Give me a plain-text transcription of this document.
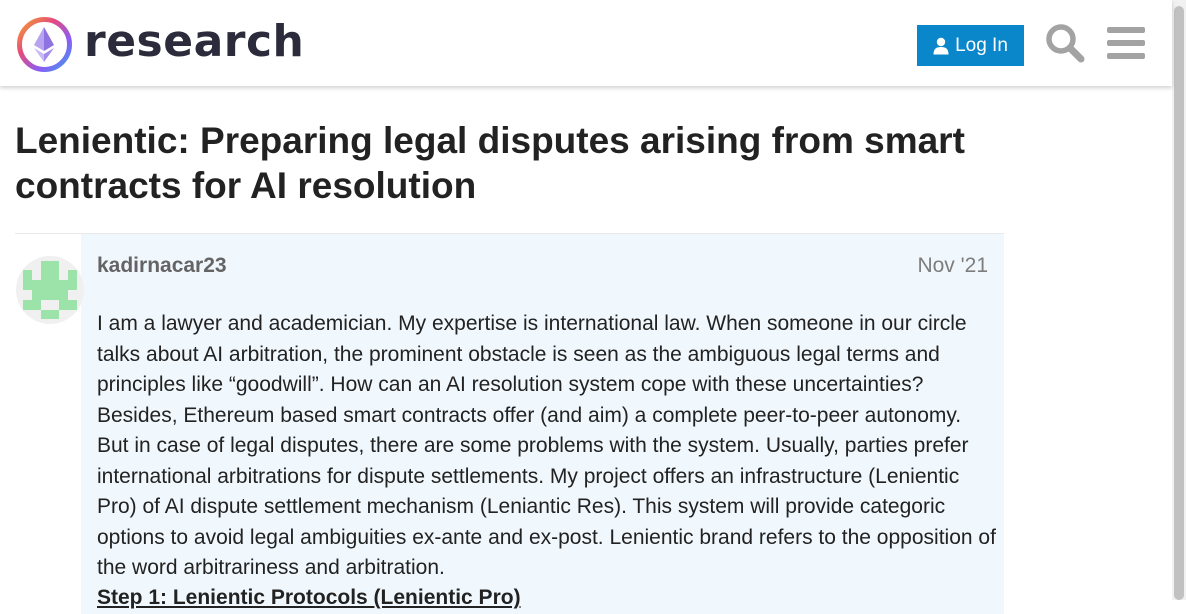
research	Log In
Lenientic: Preparing legal disputes arising from smart contracts for AI resolution
kadirnacar23	Nov '21

I am a lawyer and academician. My expertise is international law. When someone in our circle talks about AI arbitration, the prominent obstacle is seen as the ambiguous legal terms and principles like “goodwill”. How can an AI resolution system cope with these uncertainties? Besides, Ethereum based smart contracts offer (and aim) a complete peer-to-peer autonomy. But in case of legal disputes, there are some problems with the system. Usually, parties prefer international arbitrations for dispute settlements. My project offers an infrastructure (Lenientic Pro) of AI dispute settlement mechanism (Leniantic Res). This system will provide categoric options to avoid legal ambiguities ex-ante and ex-post. Lenientic brand refers to the opposition of the word arbitrariness and arbitration.

Step 1: Lenientic Protocols (Lenientic Pro)
